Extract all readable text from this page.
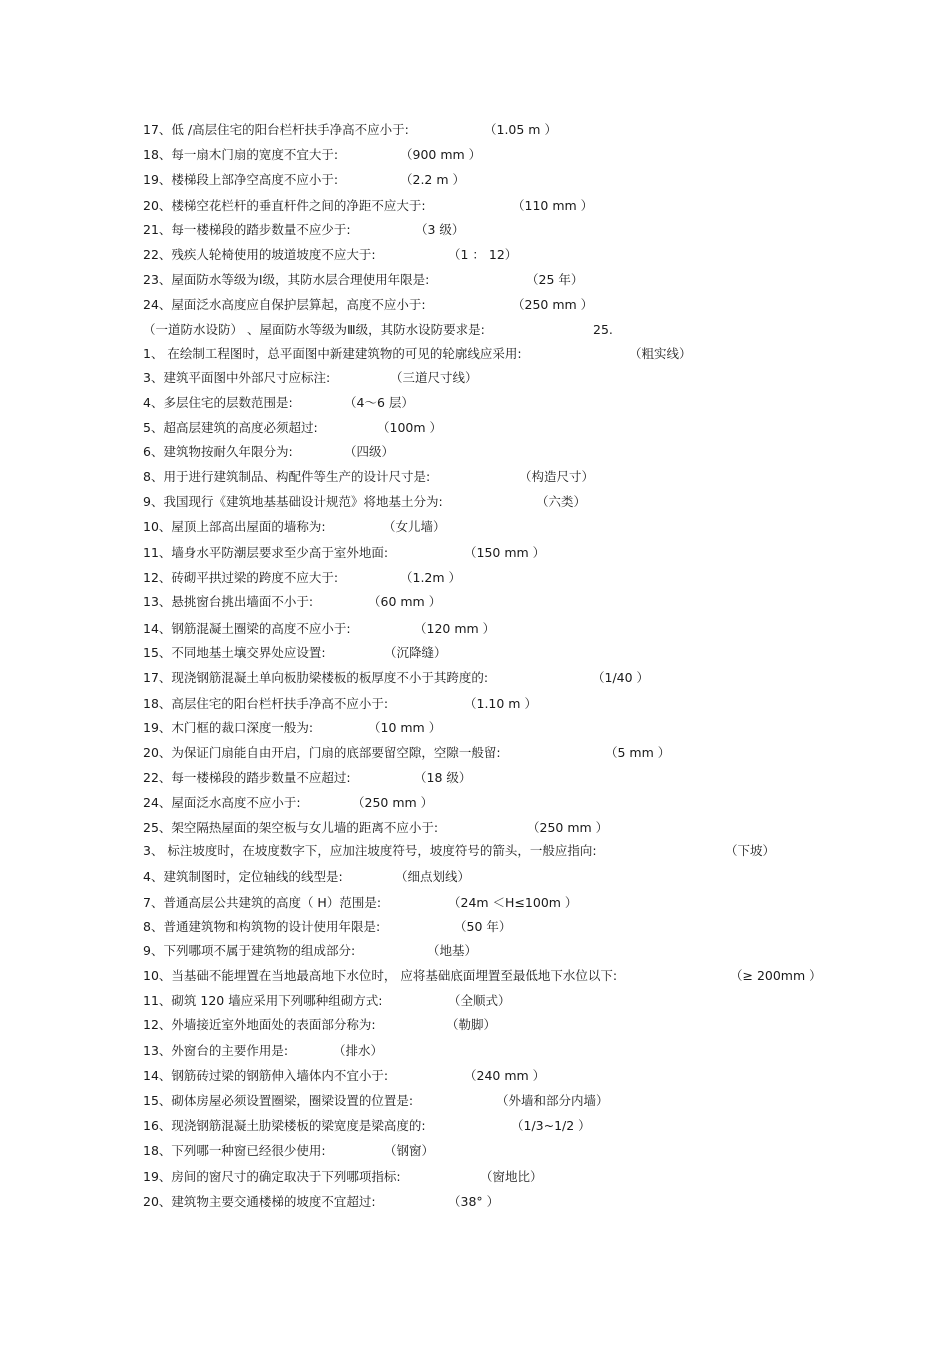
17、低 /高层住宅的阳台栏杆扶手净高不应小于:	（1.05 m ）
18、每一扇木门扇的宽度不宜大于:	（900 mm ）
19、楼梯段上部净空高度不应小于:	（2.2 m ）
20、楼梯空花栏杆的垂直杆件之间的净距不应大于:	（110 mm ）
21、每一楼梯段的踏步数量不应少于:	（3 级）
22、残疾人轮椅使用的坡道坡度不应大于:	（1 ： 12）
23、屋面防水等级为Ⅰ级，其防水层合理使用年限是:	（25 年）
24、屋面泛水高度应自保护层算起，高度不应小于:	（250 mm ）
（一道防水设防） 、屋面防水等级为Ⅲ级，其防水设防要求是:	25.
1、 在绘制工程图时，总平面图中新建建筑物的可见的轮廓线应采用:	（粗实线）
3、建筑平面图中外部尺寸应标注:	（三道尺寸线）
4、多层住宅的层数范围是:	（4～6 层）
5、超高层建筑的高度必须超过:	（100m ）
6、建筑物按耐久年限分为:	（四级）
8、用于进行建筑制品、构配件等生产的设计尺寸是:	（构造尺寸）
9、我国现行《建筑地基基础设计规范》将地基土分为:	（六类）
10、屋顶上部高出屋面的墙称为:	（女儿墙）
11、墙身水平防潮层要求至少高于室外地面:	（150 mm ）
12、砖砌平拱过梁的跨度不应大于:	（1.2m ）
13、悬挑窗台挑出墙面不小于:	（60 mm ）
14、钢筋混凝土圈梁的高度不应小于:	（120 mm ）
15、不同地基土壤交界处应设置:	（沉降缝）
17、现浇钢筋混凝土单向板肋梁楼板的板厚度不小于其跨度的:	（1/40 ）
18、高层住宅的阳台栏杆扶手净高不应小于:	（1.10 m ）
19、木门框的裁口深度一般为:	（10 mm ）
20、为保证门扇能自由开启，门扇的底部要留空隙，空隙一般留:	（5 mm ）
22、每一楼梯段的踏步数量不应超过:	（18 级）
24、屋面泛水高度不应小于:	（250 mm ）
25、架空隔热屋面的架空板与女儿墙的距离不应小于:	（250 mm ）
3、 标注坡度时，在坡度数字下，应加注坡度符号，坡度符号的箭头，一般应指向:	（下坡）
4、建筑制图时，定位轴线的线型是:	（细点划线）
7、普通高层公共建筑的高度（ H）范围是:	（24m ＜H≤100m ）
8、普通建筑物和构筑物的设计使用年限是:	（50 年）
9、下列哪项不属于建筑物的组成部分:	（地基）
10、当基础不能埋置在当地最高地下水位时， 应将基础底面埋置至最低地下水位以下:	（≥ 200mm ）
11、砌筑 120 墙应采用下列哪种组砌方式:	（全顺式）
12、外墙接近室外地面处的表面部分称为:	（勒脚）
13、外窗台的主要作用是:	（排水）
14、钢筋砖过梁的钢筋伸入墙体内不宜小于:	（240 mm ）
15、砌体房屋必须设置圈梁，圈梁设置的位置是:	（外墙和部分内墙）
16、现浇钢筋混凝土肋梁楼板的梁宽度是梁高度的:	（1/3~1/2 ）
18、下列哪一种窗已经很少使用:	（钢窗）
19、房间的窗尺寸的确定取决于下列哪项指标:	（窗地比）
20、建筑物主要交通楼梯的坡度不宜超过:	（38° ）
